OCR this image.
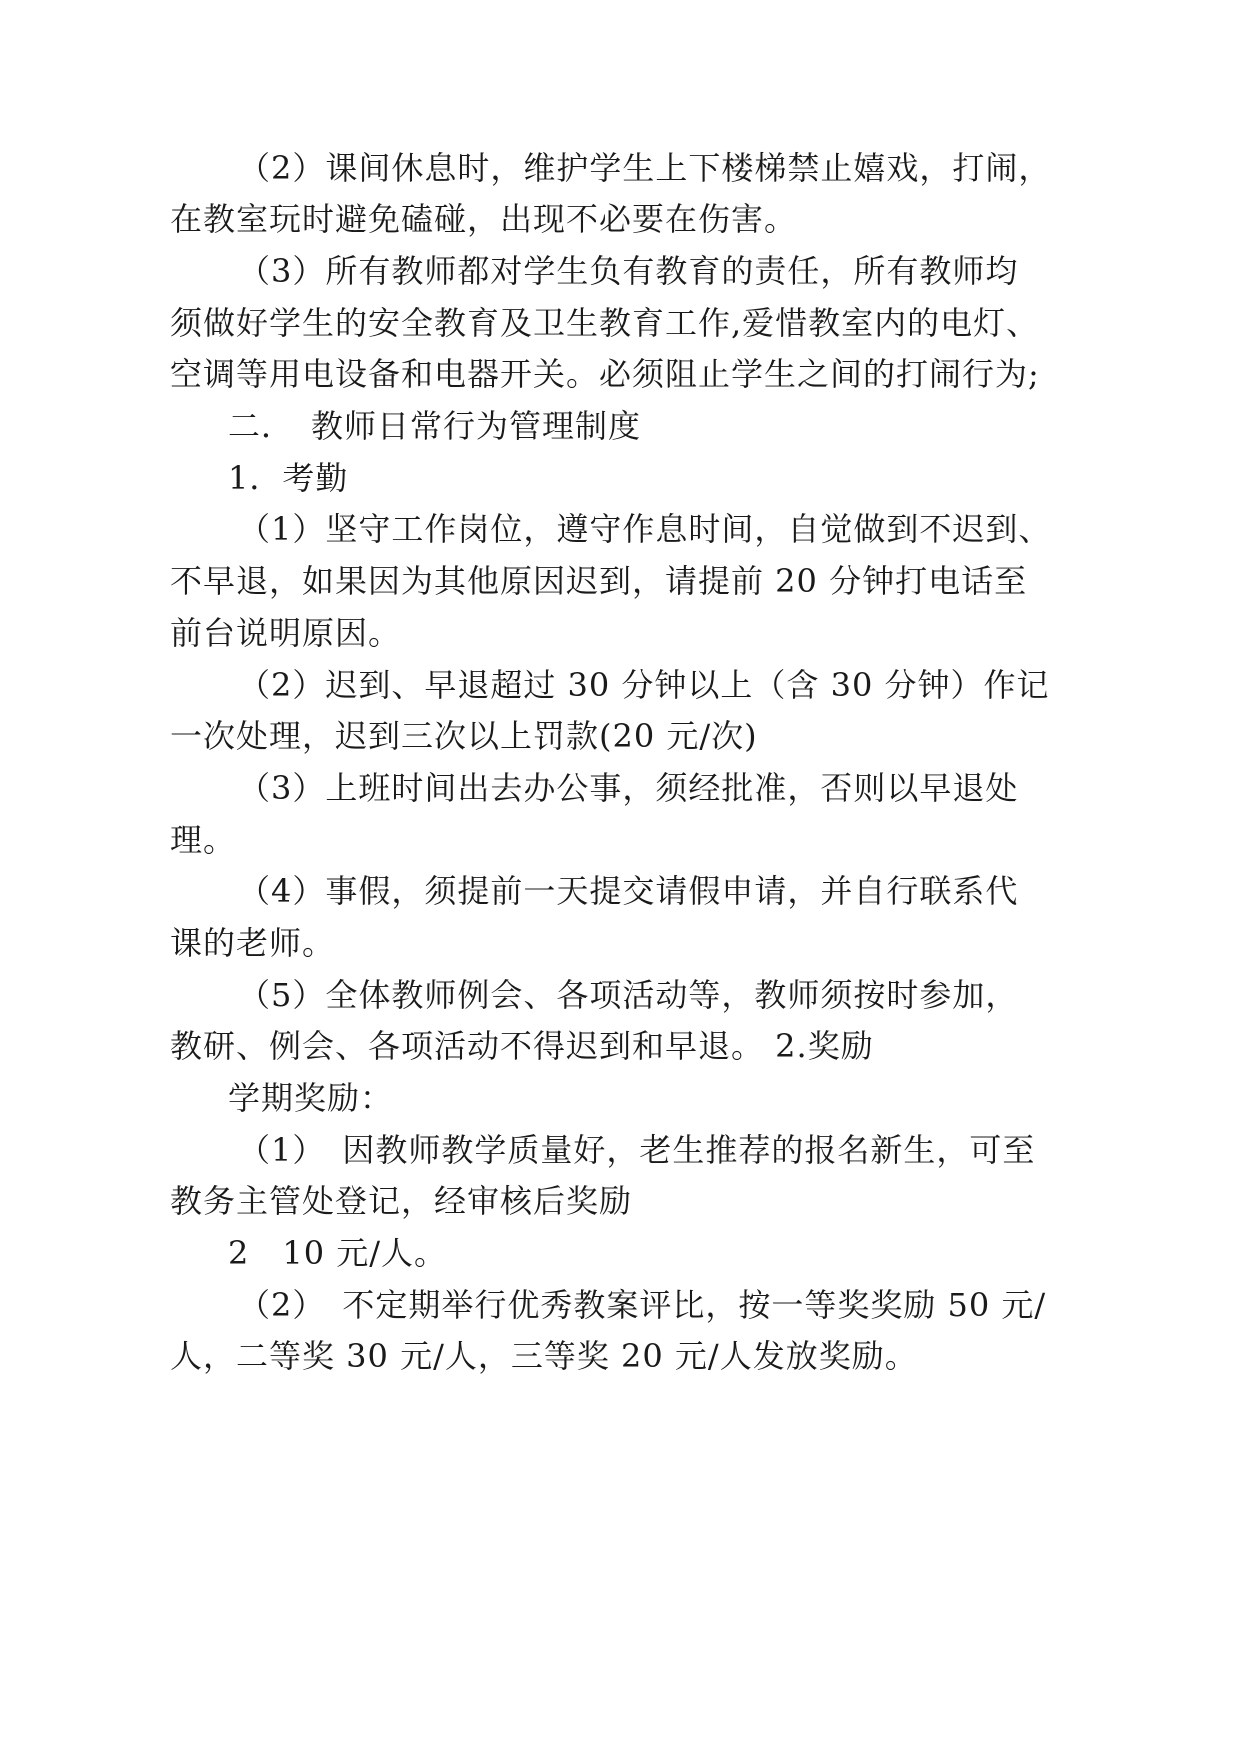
（2）课间休息时，维护学生上下楼梯禁止嬉戏，打闹，
在教室玩时避免磕碰，出现不必要在伤害。
（3）所有教师都对学生负有教育的责任，所有教师均
须做好学生的安全教育及卫生教育工作,爱惜教室内的电灯、
空调等用电设备和电器开关。必须阻止学生之间的打闹行为;
二．　教师日常行为管理制度
1．考勤
（1）坚守工作岗位，遵守作息时间，自觉做到不迟到、
不早退，如果因为其他原因迟到，请提前 20 分钟打电话至
前台说明原因。
（2）迟到、早退超过 30 分钟以上（含 30 分钟）作记
一次处理，迟到三次以上罚款(20 元/次)
（3）上班时间出去办公事，须经批准，否则以早退处
理。
（4）事假，须提前一天提交请假申请，并自行联系代
课的老师。
（5）全体教师例会、各项活动等，教师须按时参加，
教研、例会、各项活动不得迟到和早退。 2.奖励
学期奖励：
（1）　因教师教学质量好，老生推荐的报名新生，可至
教务主管处登记，经审核后奖励
2　10 元/人。
（2）　不定期举行优秀教案评比，按一等奖奖励 50 元/
人，二等奖 30 元/人，三等奖 20 元/人发放奖励。
